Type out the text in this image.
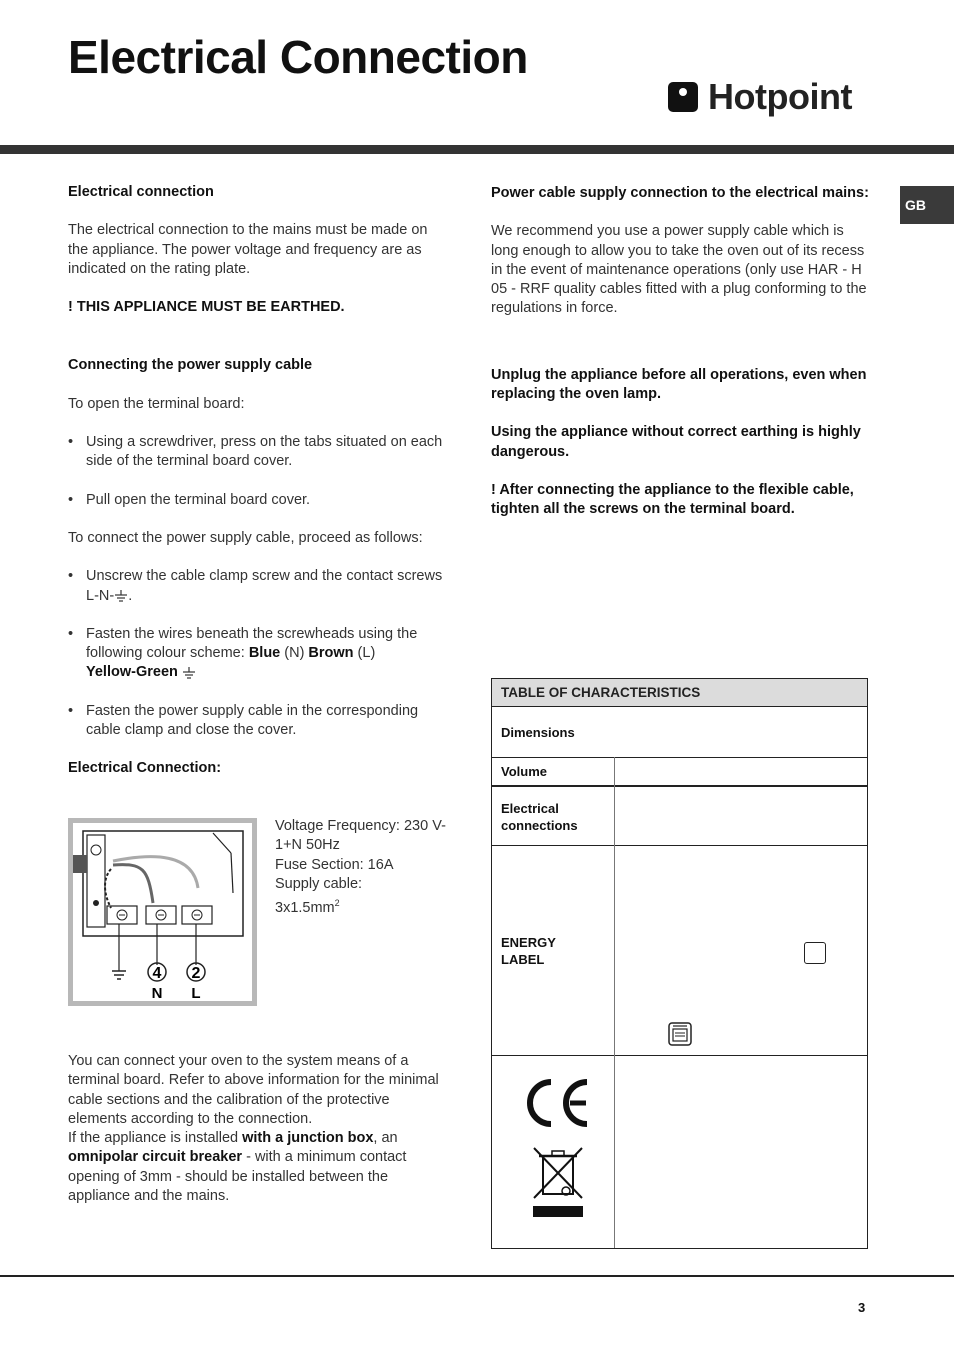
Electrical Connection
Hotpoint
GB

Electrical connection

The electrical connection to the mains must be made on the appliance. The power voltage and frequency are as indicated on the rating plate.

! THIS APPLIANCE MUST BE EARTHED.

Connecting the power supply cable

To open the terminal board:

• Using a screwdriver, press on the tabs situated on each side of the terminal board cover.

• Pull open the terminal board cover.

To connect the power supply cable, proceed as follows:

• Unscrew the cable clamp screw and the contact screws L-N- .

• Fasten the wires beneath the screwheads using the following colour scheme: Blue (N) Brown (L)
Yellow-Green

• Fasten the power supply cable in the corresponding cable clamp and close the cover.

Electrical Connection:

4 2
N L
Voltage Frequency: 230 V-1+N 50Hz
Fuse Section: 16A
Supply cable:
$3x1.5mm^2$

You can connect your oven to the system means of a terminal board. Refer to above information for the minimal cable sections and the calibration of the protective elements according to the connection.

If the appliance is installed with a junction box, an omnipolar circuit breaker - with a minimum contact opening of 3mm - should be installed between the appliance and the mains.

Power cable supply connection to the electrical mains:

We recommend you use a power supply cable which is long enough to allow you to take the oven out of its recess in the event of maintenance operations (only use HAR - H 05 - RRF quality cables fitted with a plug conforming to the regulations in force.

Unplug the appliance before all operations, even when replacing the oven lamp.

Using the appliance without correct earthing is highly dangerous.

! After connecting the appliance to the flexible cable, tighten all the screws on the terminal board.

TABLE OF CHARACTERISTICS
Dimensions
Volume
Electrical connections
ENERGY LABEL
3
